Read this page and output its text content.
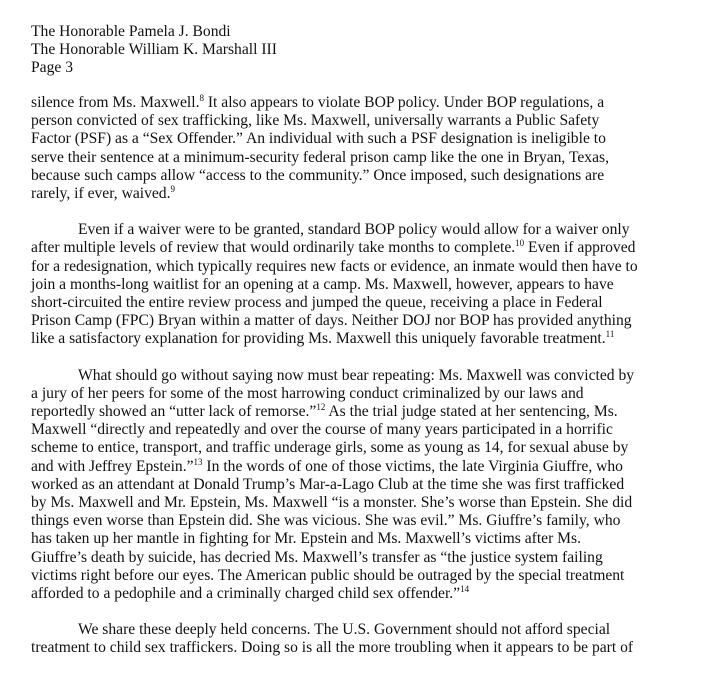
The Honorable Pamela J. Bondi
The Honorable William K. Marshall III
Page 3

silence from Ms. Maxwell.$^8$ It also appears to violate BOP policy. Under BOP regulations, a
person convicted of sex trafficking, like Ms. Maxwell, universally warrants a Public Safety
Factor (PSF) as a “Sex Offender.” An individual with such a PSF designation is ineligible to
serve their sentence at a minimum-security federal prison camp like the one in Bryan, Texas,
because such camps allow “access to the community.” Once imposed, such designations are
rarely, if ever, waived.$^9$

Even if a waiver were to be granted, standard BOP policy would allow for a waiver only
after multiple levels of review that would ordinarily take months to complete.$^{10}$ Even if approved
for a redesignation, which typically requires new facts or evidence, an inmate would then have to
join a months-long waitlist for an opening at a camp. Ms. Maxwell, however, appears to have
short-circuited the entire review process and jumped the queue, receiving a place in Federal
Prison Camp (FPC) Bryan within a matter of days. Neither DOJ nor BOP has provided anything
like a satisfactory explanation for providing Ms. Maxwell this uniquely favorable treatment.$^{11}$

What should go without saying now must bear repeating: Ms. Maxwell was convicted by
a jury of her peers for some of the most harrowing conduct criminalized by our laws and
reportedly showed an “utter lack of remorse.”$^{12}$ As the trial judge stated at her sentencing, Ms.
Maxwell “directly and repeatedly and over the course of many years participated in a horrific
scheme to entice, transport, and traffic underage girls, some as young as 14, for sexual abuse by
and with Jeffrey Epstein.”$^{13}$ In the words of one of those victims, the late Virginia Giuffre, who
worked as an attendant at Donald Trump’s Mar-a-Lago Club at the time she was first trafficked
by Ms. Maxwell and Mr. Epstein, Ms. Maxwell “is a monster. She’s worse than Epstein. She did
things even worse than Epstein did. She was vicious. She was evil.” Ms. Giuffre’s family, who
has taken up her mantle in fighting for Mr. Epstein and Ms. Maxwell’s victims after Ms.
Giuffre’s death by suicide, has decried Ms. Maxwell’s transfer as “the justice system failing
victims right before our eyes. The American public should be outraged by the special treatment
afforded to a pedophile and a criminally charged child sex offender.”$^{14}$

We share these deeply held concerns. The U.S. Government should not afford special
treatment to child sex traffickers. Doing so is all the more troubling when it appears to be part of
